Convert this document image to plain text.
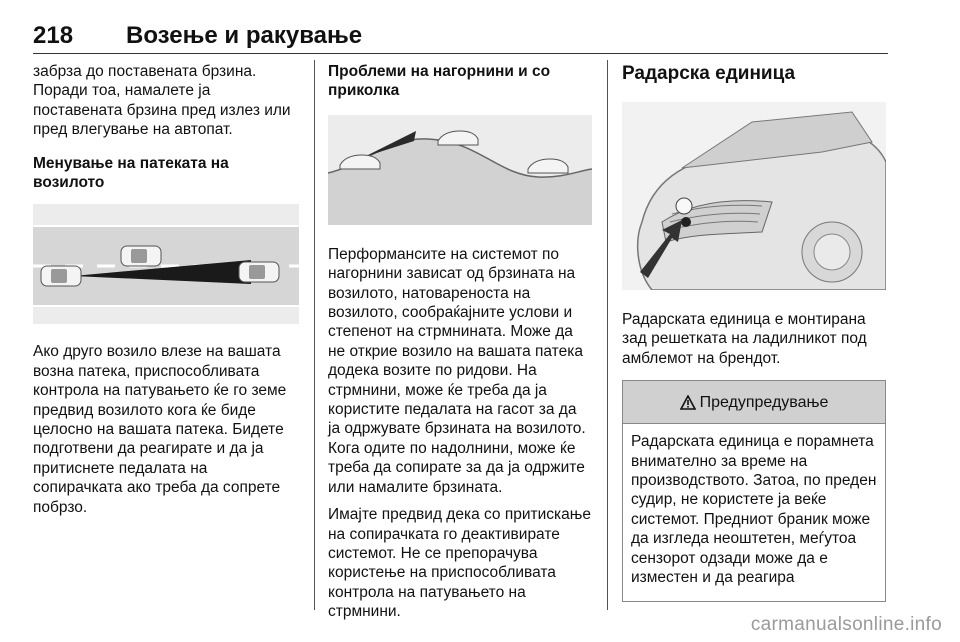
218 Возење и ракување

забрза до поставената брзина. Поради тоа, намалете ја поставената брзина пред излез или пред влегување на автопат.

Менување на патеката на возилото

Ако друго возило влезе на вашата возна патека, приспособливата контрола на патувањето ќе го земе предвид возилото кога ќе биде целосно на вашата патека. Бидете подготвени да реагирате и да ја притиснете педалата на сопирачката ако треба да сопрете побрзо.

Проблеми на нагорнини и со приколка

Перформансите на системот по нагорнини зависат од брзината на возилото, натовареноста на возилото, сообраќајните услови и степенот на стрмнината. Може да не открие возило на вашата патека додека возите по ридови. На стрмнини, може ќе треба да ја користите педалата на гасот за да ја одржувате брзината на возилото. Кога одите по надолнини, може ќе треба да сопирате за да ја одржите или намалите брзината.

Имајте предвид дека со притискање на сопирачката го деактивирате системот. Не се препорачува користење на приспособливата контрола на патувањето на стрмнини.

Радарска единица

Радарската единица е монтирана зад решетката на ладилникот под амблемот на брендот.

Предупредување
Радарската единица е порамнета внимателно за време на производството. Затоа, по преден судир, не користете ја веќе системот. Предниот браник може да изгледа неоштетен, меѓутоа сензорот одзади може да е изместен и да реагира
carmanualsonline.info
